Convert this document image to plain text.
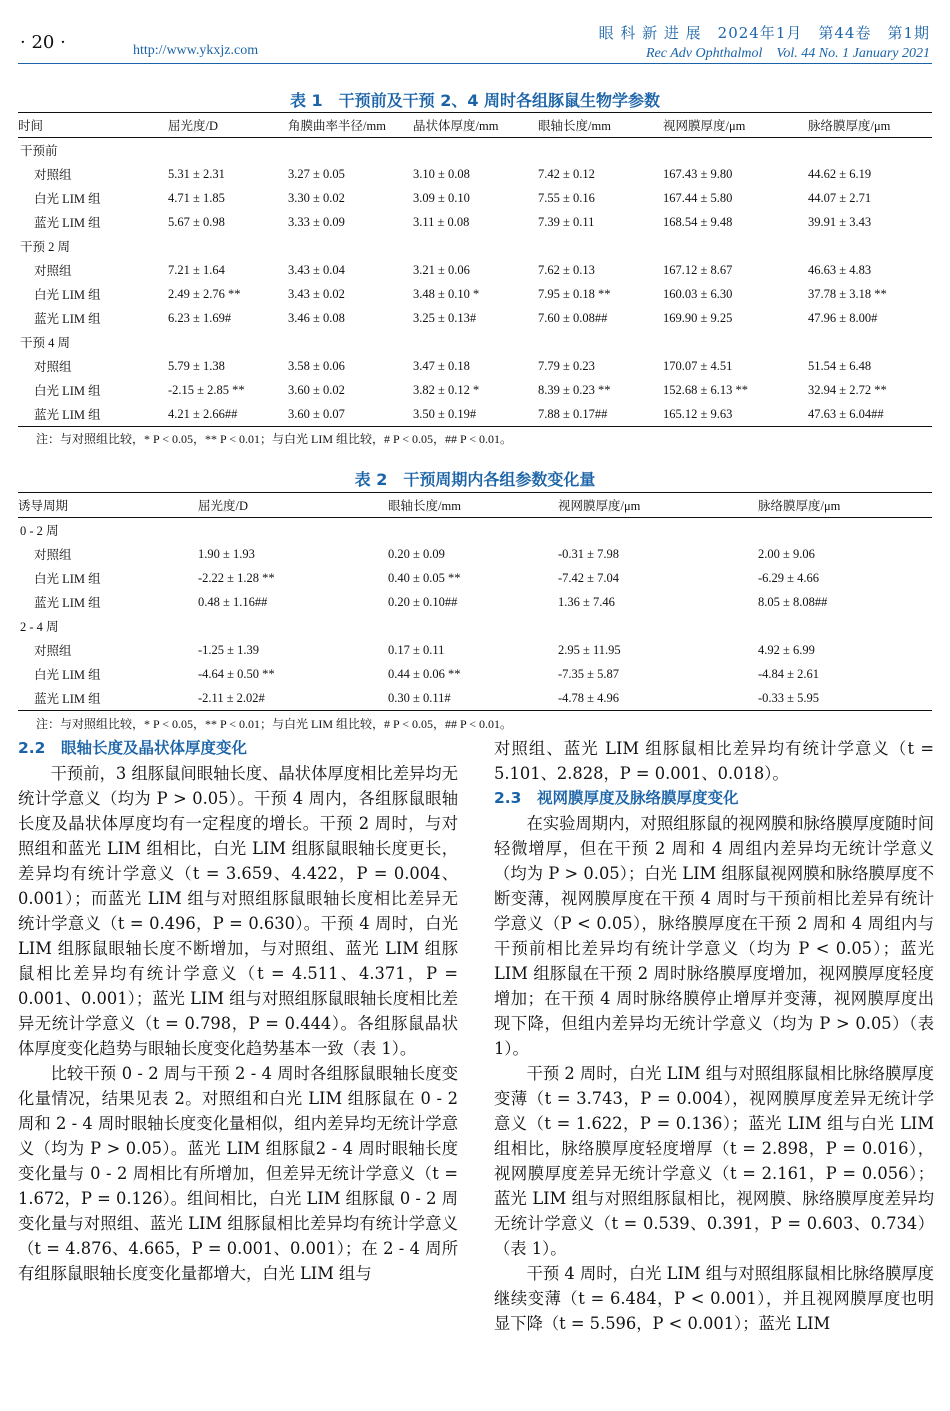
· 20 ·	http://www.ykxjz.com
眼 科 新 进 展　2024年1月　第44卷　第1期
Rec Adv Ophthalmol　Vol. 44 No. 1 January 2021
表 1　干预前及干预 2、4 周时各组豚鼠生物学参数
时间	屈光度/D	角膜曲率半径/mm	晶状体厚度/mm	眼轴长度/mm	视网膜厚度/μm	脉络膜厚度/μm
干预前						
对照组	5.31 ± 2.31	3.27 ± 0.05	3.10 ± 0.08	7.42 ± 0.12	167.43 ± 9.80	44.62 ± 6.19
白光 LIM 组	4.71 ± 1.85	3.30 ± 0.02	3.09 ± 0.10	7.55 ± 0.16	167.44 ± 5.80	44.07 ± 2.71
蓝光 LIM 组	5.67 ± 0.98	3.33 ± 0.09	3.11 ± 0.08	7.39 ± 0.11	168.54 ± 9.48	39.91 ± 3.43
干预 2 周						
对照组	7.21 ± 1.64	3.43 ± 0.04	3.21 ± 0.06	7.62 ± 0.13	167.12 ± 8.67	46.63 ± 4.83
白光 LIM 组	2.49 ± 2.76 **	3.43 ± 0.02	3.48 ± 0.10 *	7.95 ± 0.18 **	160.03 ± 6.30	37.78 ± 3.18 **
蓝光 LIM 组	6.23 ± 1.69#	3.46 ± 0.08	3.25 ± 0.13#	7.60 ± 0.08##	169.90 ± 9.25	47.96 ± 8.00#
干预 4 周						
对照组	5.79 ± 1.38	3.58 ± 0.06	3.47 ± 0.18	7.79 ± 0.23	170.07 ± 4.51	51.54 ± 6.48
白光 LIM 组	-2.15 ± 2.85 **	3.60 ± 0.02	3.82 ± 0.12 *	8.39 ± 0.23 **	152.68 ± 6.13 **	32.94 ± 2.72 **
蓝光 LIM 组	4.21 ± 2.66##	3.60 ± 0.07	3.50 ± 0.19#	7.88 ± 0.17##	165.12 ± 9.63	47.63 ± 6.04##
注：与对照组比较，* P < 0.05，** P < 0.01；与白光 LIM 组比较，# P < 0.05，## P < 0.01。
表 2　干预周期内各组参数变化量
诱导周期	屈光度/D	眼轴长度/mm	视网膜厚度/μm	脉络膜厚度/μm
0 - 2 周				
对照组	1.90 ± 1.93	0.20 ± 0.09	-0.31 ± 7.98	2.00 ± 9.06
白光 LIM 组	-2.22 ± 1.28 **	0.40 ± 0.05 **	-7.42 ± 7.04	-6.29 ± 4.66
蓝光 LIM 组	0.48 ± 1.16##	0.20 ± 0.10##	1.36 ± 7.46	8.05 ± 8.08##
2 - 4 周				
对照组	-1.25 ± 1.39	0.17 ± 0.11	2.95 ± 11.95	4.92 ± 6.99
白光 LIM 组	-4.64 ± 0.50 **	0.44 ± 0.06 **	-7.35 ± 5.87	-4.84 ± 2.61
蓝光 LIM 组	-2.11 ± 2.02#	0.30 ± 0.11#	-4.78 ± 4.96	-0.33 ± 5.95
注：与对照组比较，* P < 0.05，** P < 0.01；与白光 LIM 组比较，# P < 0.05，## P < 0.01。
2.2　眼轴长度及晶状体厚度变化

干预前，3 组豚鼠间眼轴长度、晶状体厚度相比差异均无统计学意义（均为 P > 0.05）。干预 4 周内，各组豚鼠眼轴长度及晶状体厚度均有一定程度的增长。干预 2 周时，与对照组和蓝光 LIM 组相比，白光 LIM 组豚鼠眼轴长度更长，差异均有统计学意义（t = 3.659、4.422，P = 0.004、0.001）；而蓝光 LIM 组与对照组豚鼠眼轴长度相比差异无统计学意义（t = 0.496，P = 0.630）。干预 4 周时，白光 LIM 组豚鼠眼轴长度不断增加，与对照组、蓝光 LIM 组豚鼠相比差异均有统计学意义（t = 4.511、4.371，P = 0.001、0.001）；蓝光 LIM 组与对照组豚鼠眼轴长度相比差异无统计学意义（t = 0.798，P = 0.444）。各组豚鼠晶状体厚度变化趋势与眼轴长度变化趋势基本一致（表 1）。

比较干预 0 - 2 周与干预 2 - 4 周时各组豚鼠眼轴长度变化量情况，结果见表 2。对照组和白光 LIM 组豚鼠在 0 - 2 周和 2 - 4 周时眼轴长度变化量相似，组内差异均无统计学意义（均为 P > 0.05）。蓝光 LIM 组豚鼠2 - 4 周时眼轴长度变化量与 0 - 2 周相比有所增加，但差异无统计学意义（t = 1.672，P = 0.126）。组间相比，白光 LIM 组豚鼠 0 - 2 周变化量与对照组、蓝光 LIM 组豚鼠相比差异均有统计学意义（t = 4.876、4.665，P = 0.001、0.001）；在 2 - 4 周所有组豚鼠眼轴长度变化量都增大，白光 LIM 组与

对照组、蓝光 LIM 组豚鼠相比差异均有统计学意义（t = 5.101、2.828，P = 0.001、0.018）。

2.3　视网膜厚度及脉络膜厚度变化

在实验周期内，对照组豚鼠的视网膜和脉络膜厚度随时间轻微增厚，但在干预 2 周和 4 周组内差异均无统计学意义（均为 P > 0.05）；白光 LIM 组豚鼠视网膜和脉络膜厚度不断变薄，视网膜厚度在干预 4 周时与干预前相比差异有统计学意义（P < 0.05），脉络膜厚度在干预 2 周和 4 周组内与干预前相比差异均有统计学意义（均为 P < 0.05）；蓝光 LIM 组豚鼠在干预 2 周时脉络膜厚度增加，视网膜厚度轻度增加；在干预 4 周时脉络膜停止增厚并变薄，视网膜厚度出现下降，但组内差异均无统计学意义（均为 P > 0.05）（表 1）。

干预 2 周时，白光 LIM 组与对照组豚鼠相比脉络膜厚度变薄（t = 3.743，P = 0.004），视网膜厚度差异无统计学意义（t = 1.622，P = 0.136）；蓝光 LIM 组与白光 LIM 组相比，脉络膜厚度轻度增厚（t = 2.898，P = 0.016），视网膜厚度差异无统计学意义（t = 2.161，P = 0.056）；蓝光 LIM 组与对照组豚鼠相比，视网膜、脉络膜厚度差异均无统计学意义（t = 0.539、0.391，P = 0.603、0.734）（表 1）。

干预 4 周时，白光 LIM 组与对照组豚鼠相比脉络膜厚度继续变薄（t = 6.484，P < 0.001），并且视网膜厚度也明显下降（t = 5.596，P < 0.001）；蓝光 LIM
